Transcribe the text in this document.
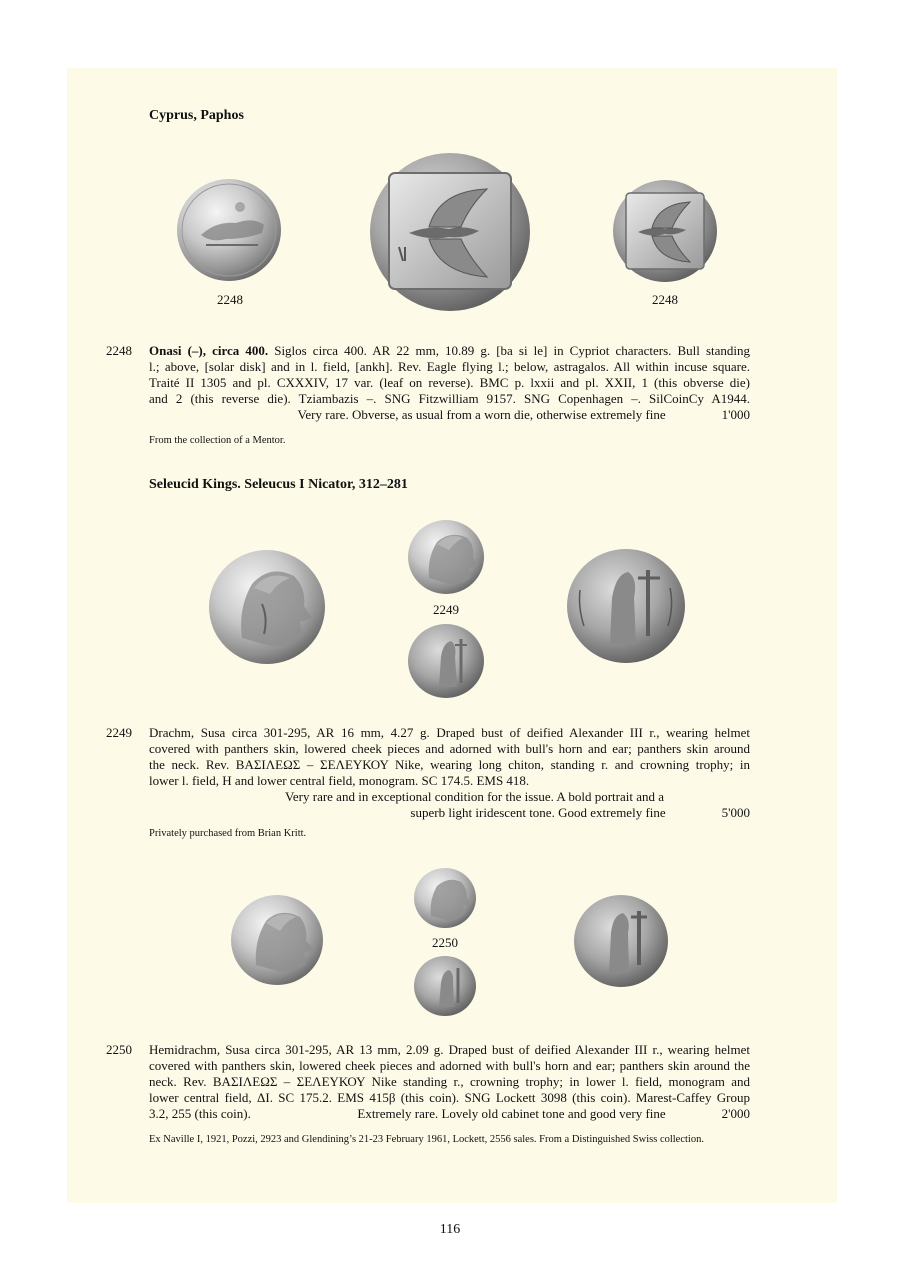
Cyprus, Paphos
2248	2248
2248 Onasi (–), circa 400. Siglos circa 400. AR 22 mm, 10.89 g. [ba si le] in Cypriot characters. Bull standing
l.; above, [solar disk] and in l. field, [ankh]. Rev. Eagle flying l.; below, astragalos. All within incuse square.
Traité II 1305 and pl. CXXXIV, 17 var. (leaf on reverse). BMC p. lxxii and pl. XXII, 1 (this obverse die)
and 2 (this reverse die). Tziambazis –. SNG Fitzwilliam 9157. SNG Copenhagen –. SilCoinCy A1944.
Very rare. Obverse, as usual from a worn die, otherwise extremely fine	1'000
From the collection of a Mentor.
Seleucid Kings. Seleucus I Nicator, 312–281
2249
2249 Drachm, Susa circa 301-295, AR 16 mm, 4.27 g. Draped bust of deified Alexander III r., wearing helmet
covered with panthers skin, lowered cheek pieces and adorned with bull's horn and ear; panthers skin around
the neck. Rev. ΒΑΣΙΛΕΩΣ – ΣΕΛΕΥΚΟΥ Nike, wearing long chiton, standing r. and crowning trophy; in

lower l. field, H and lower central field, monogram. SC 174.5. EMS 418.

Very rare and in exceptional condition for the issue. A bold portrait and a

superb light iridescent tone. Good extremely fine	5'000
Privately purchased from Brian Kritt.
2250
2250 Hemidrachm, Susa circa 301-295, AR 13 mm, 2.09 g. Draped bust of deified Alexander III r., wearing helmet
covered with panthers skin, lowered cheek pieces and adorned with bull's horn and ear; panthers skin around the
neck. Rev. ΒΑΣΙΛΕΩΣ – ΣΕΛΕΥΚΟΥ Nike standing r., crowning trophy; in lower l. field, monogram and
lower central field, ΔΙ. SC 175.2. EMS 415β (this coin). SNG Lockett 3098 (this coin). Marest-Caffey Group
3.2, 255 (this coin).	Extremely rare. Lovely old cabinet tone and good very fine	2'000
Ex Naville I, 1921, Pozzi, 2923 and Glendining’s 21-23 February 1961, Lockett, 2556 sales. From a Distinguished Swiss collection.
116
